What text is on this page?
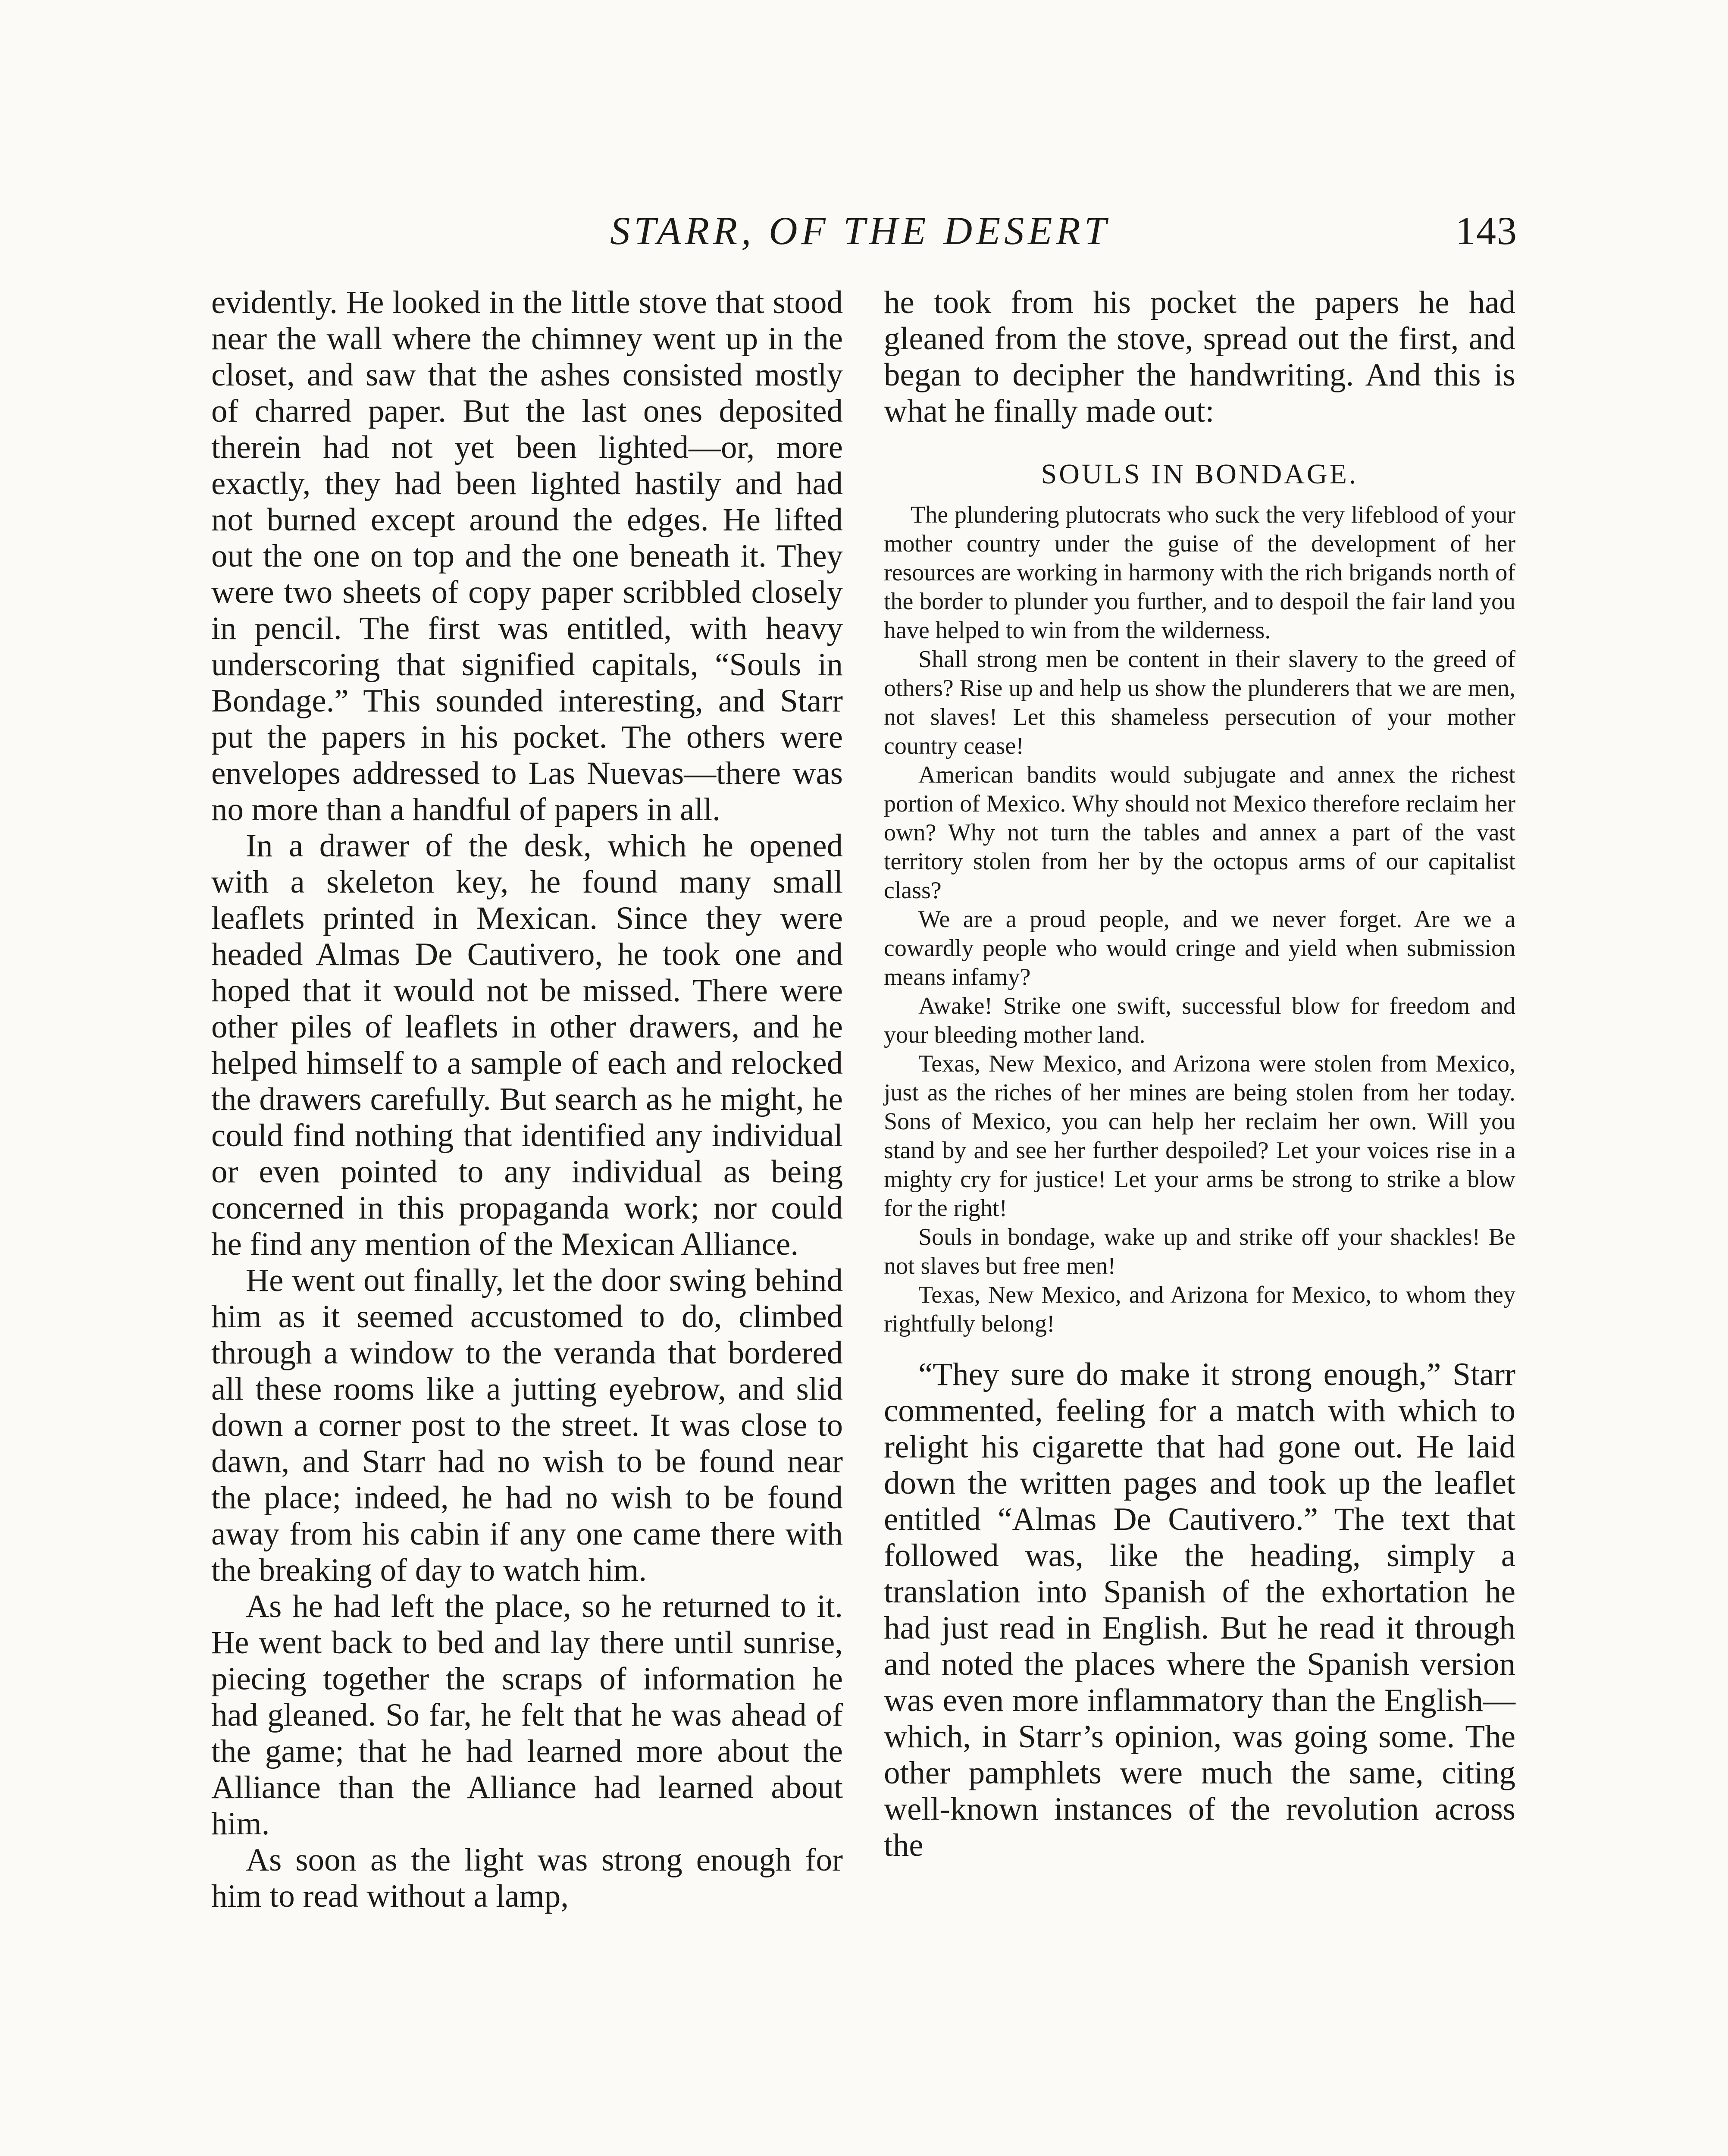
STARR, OF THE DESERT	143

evidently. He looked in the little stove that stood near the wall where the chimney went up in the closet, and saw that the ashes consisted mostly of charred paper. But the last ones deposited therein had not yet been lighted—or, more exactly, they had been lighted hastily and had not burned except around the edges. He lifted out the one on top and the one beneath it. They were two sheets of copy paper scribbled closely in pencil. The first was entitled, with heavy underscoring that signified capitals, “Souls in Bondage.” This sounded interesting, and Starr put the papers in his pocket. The others were envelopes addressed to Las Nuevas—there was no more than a handful of papers in all.

In a drawer of the desk, which he opened with a skeleton key, he found many small leaflets printed in Mexican. Since they were headed Almas De Cautivero, he took one and hoped that it would not be missed. There were other piles of leaflets in other drawers, and he helped himself to a sample of each and relocked the drawers carefully. But search as he might, he could find nothing that identified any individual or even pointed to any individual as being concerned in this propaganda work; nor could he find any mention of the Mexican Alliance.

He went out finally, let the door swing behind him as it seemed accustomed to do, climbed through a window to the veranda that bordered all these rooms like a jutting eyebrow, and slid down a corner post to the street. It was close to dawn, and Starr had no wish to be found near the place; indeed, he had no wish to be found away from his cabin if any one came there with the breaking of day to watch him.

As he had left the place, so he returned to it. He went back to bed and lay there until sunrise, piecing together the scraps of information he had gleaned. So far, he felt that he was ahead of the game; that he had learned more about the Alliance than the Alliance had learned about him.

As soon as the light was strong enough for him to read without a lamp,

he took from his pocket the papers he had gleaned from the stove, spread out the first, and began to decipher the handwriting. And this is what he finally made out:

SOULS IN BONDAGE.

The plundering plutocrats who suck the very lifeblood of your mother country under the guise of the development of her resources are working in harmony with the rich brigands north of the border to plunder you further, and to despoil the fair land you have helped to win from the wilderness.

Shall strong men be content in their slavery to the greed of others? Rise up and help us show the plunderers that we are men, not slaves! Let this shameless persecution of your mother country cease!

American bandits would subjugate and annex the richest portion of Mexico. Why should not Mexico therefore reclaim her own? Why not turn the tables and annex a part of the vast territory stolen from her by the octopus arms of our capitalist class?

We are a proud people, and we never forget. Are we a cowardly people who would cringe and yield when submission means infamy?

Awake! Strike one swift, successful blow for freedom and your bleeding mother land.

Texas, New Mexico, and Arizona were stolen from Mexico, just as the riches of her mines are being stolen from her today. Sons of Mexico, you can help her reclaim her own. Will you stand by and see her further despoiled? Let your voices rise in a mighty cry for justice! Let your arms be strong to strike a blow for the right!

Souls in bondage, wake up and strike off your shackles! Be not slaves but free men!

Texas, New Mexico, and Arizona for Mexico, to whom they rightfully belong!

“They sure do make it strong enough,” Starr commented, feeling for a match with which to relight his cigarette that had gone out. He laid down the written pages and took up the leaflet entitled “Almas De Cautivero.” The text that followed was, like the heading, simply a translation into Spanish of the exhortation he had just read in English. But he read it through and noted the places where the Spanish version was even more inflammatory than the English—which, in Starr’s opinion, was going some. The other pamphlets were much the same, citing well-known instances of the revolution across the
